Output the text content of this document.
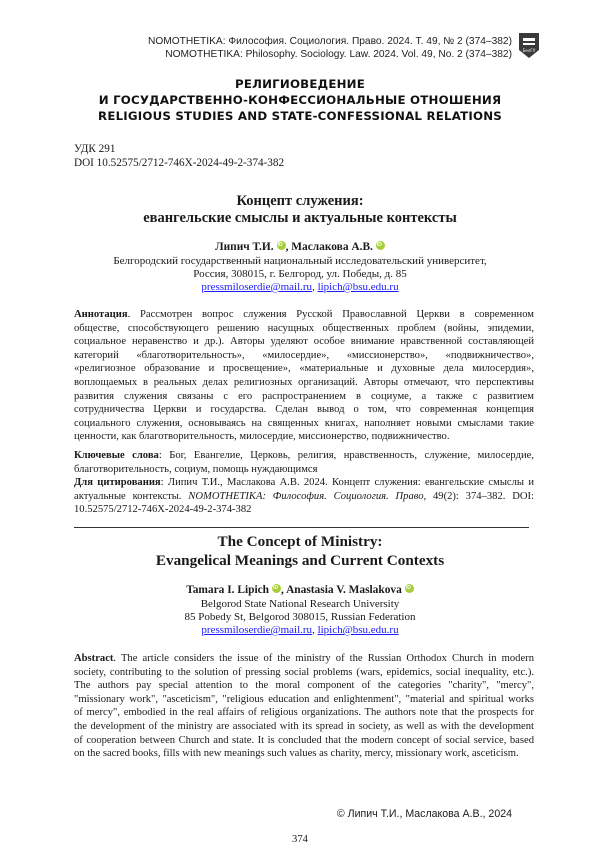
NOMOTHETIKA: Философия. Социология. Право. 2024. Т. 49, № 2 (374–382)
NOMOTHETIKA: Philosophy. Sociology. Law. 2024. Vol. 49, No. 2 (374–382)	БелГУ
РЕЛИГИОВЕДЕНИЕ
И ГОСУДАРСТВЕННО-КОНФЕССИОНАЛЬНЫЕ ОТНОШЕНИЯ
RELIGIOUS STUDIES AND STATE-CONFESSIONAL RELATIONS
УДК 291
DOI 10.52575/2712-746X-2024-49-2-374-382
Концепт служения:
евангельские смыслы и актуальные контексты
Липич Т.И. iD , Маслакова А.В.iD
Белгородский государственный национальный исследовательский университет,
Россия, 308015, г. Белгород, ул. Победы, д. 85
pressmiloserdie@mail.ru, lipich@bsu.edu.ru
Аннотация. Рассмотрен вопрос служения Русской Православной Церкви в современном
обществе, способствующего решению насущных общественных проблем (войны, эпидемии,
социальное неравенство и др.). Авторы уделяют особое внимание нравственной составляющей
категорий «благотворительность», «милосердие», «миссионерство», «подвижничество»,
«религиозное образование и просвещение», «материальные и духовные дела милосердия»,
воплощаемых в реальных делах религиозных организаций. Авторы отмечают, что перспективы
развития служения связаны с его распространением в социуме, а также с развитием
сотрудничества Церкви и государства. Сделан вывод о том, что современная концепция
социального служения, основываясь на священных книгах, наполняет новыми смыслами такие
ценности, как благотворительность, милосердие, миссионерство, подвижничество.
Ключевые слова: Бог, Евангелие, Церковь, религия, нравственность, служение, милосердие,
благотворительность, социум, помощь нуждающимся
Для цитирования: Липич Т.И., Маслакова А.В. 2024. Концепт служения: евангельские смыслы и
актуальные контексты. NOMOTHETIKA: Философия. Социология. Право, 49(2): 374–382. DOI:
10.52575/2712-746X-2024-49-2-374-382
The Concept of Ministry:
Evangelical Meanings and Current Contexts
Tamara I. Lipich iD , Anastasia V. MaslakovaiD
Belgorod State National Research University
85 Pobedy St, Belgorod 308015, Russian Federation
pressmiloserdie@mail.ru, lipich@bsu.edu.ru
Abstract. The article considers the issue of the ministry of the Russian Orthodox Church in modern
society, contributing to the solution of pressing social problems (wars, epidemics, social inequality, etc.).
The authors pay special attention to the moral component of the categories "charity", "mercy",
"missionary work", "asceticism", "religious education and enlightenment", "material and spiritual works
of mercy", embodied in the real affairs of religious organizations. The authors note that the prospects for
the development of the ministry are associated with its spread in society, as well as with the development
of cooperation between Church and state. It is concluded that the modern concept of social service, based
on the sacred books, fills with new meanings such values as charity, mercy, missionary work, asceticism.
© Липич Т.И., Маслакова А.В., 2024
374
